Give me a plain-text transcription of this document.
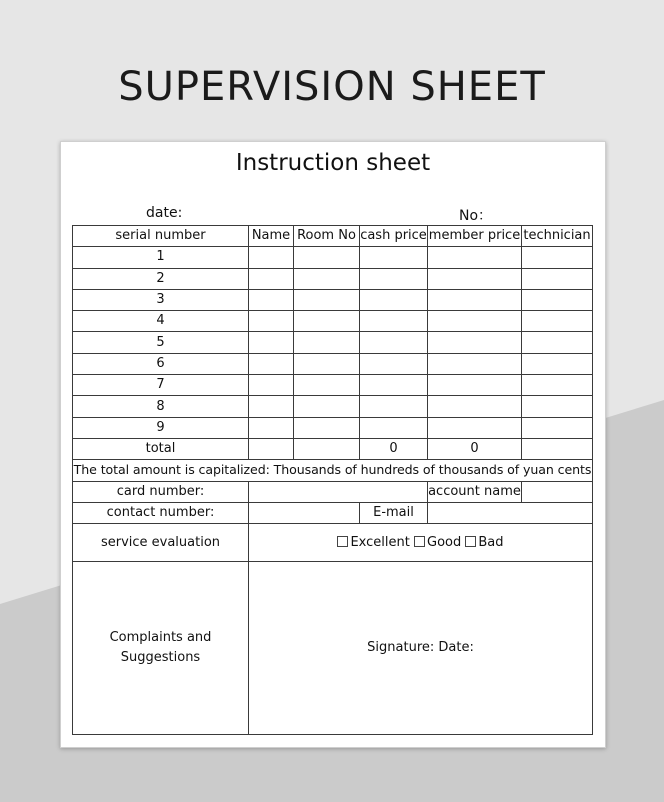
SUPERVISION SHEET
Instruction sheet
date:	No：
serial number	Name	Room No	cash price	member price	technician
1					
2					
3					
4					
5					
6					
7					
8					
9					
total			0	0	
The total amount is capitalized: Thousands of hundreds of thousands of yuan cents					
card number:				account name	
contact number:			E-mail		
service evaluation	Excellent Good Bad				
Complaints and Suggestions	Signature: Date:				
